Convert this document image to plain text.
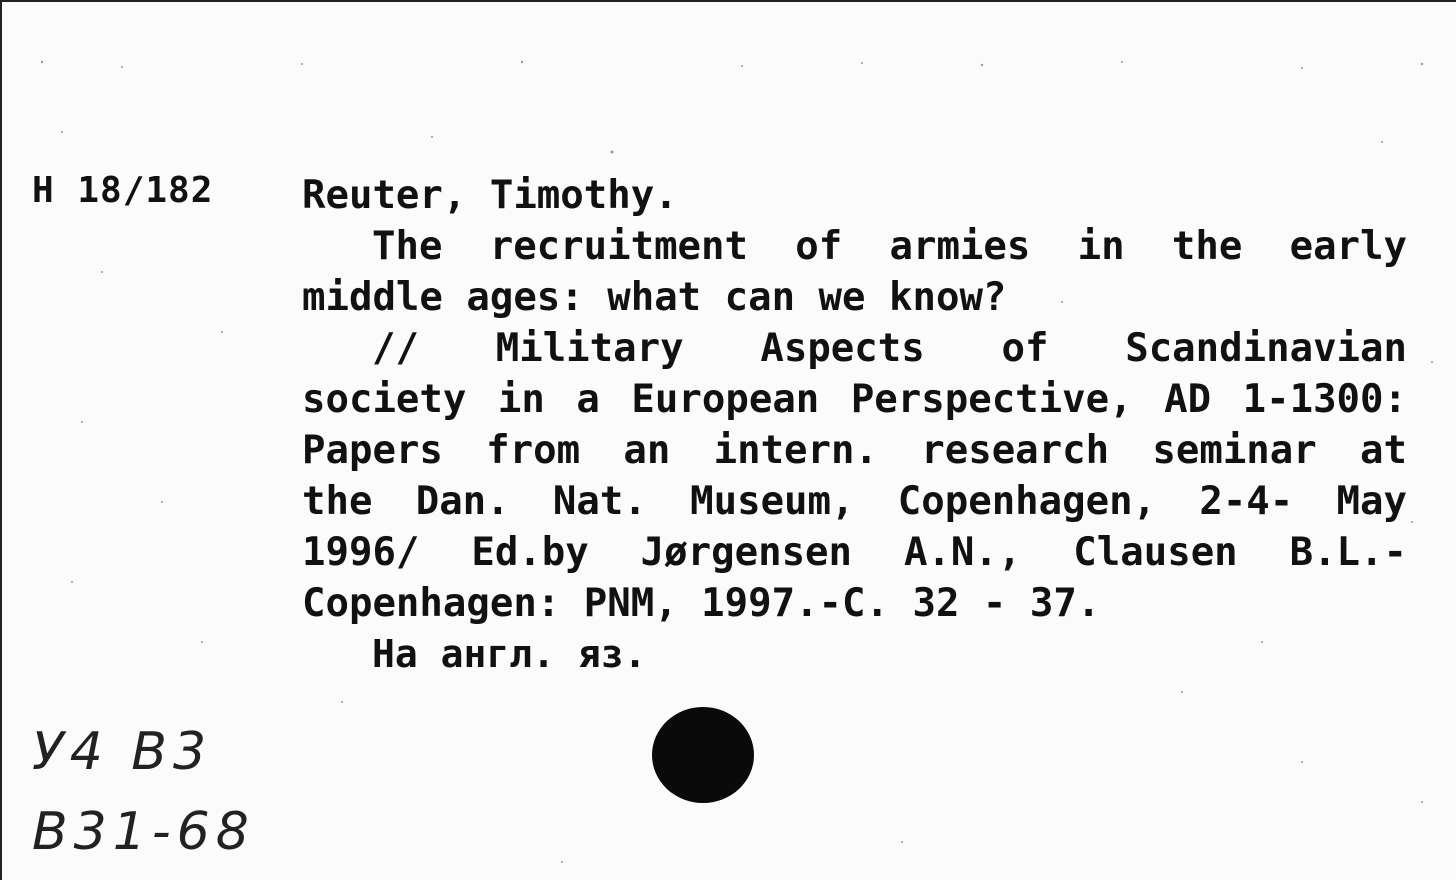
H 18/182 Reuter, Timothy.
The recruitment of armies in the early
middle ages: what can we know?
// Military Aspects of Scandinavian
society in a European Perspective, AD 1-1300:
Papers from an intern. research seminar at
the Dan. Nat. Museum, Copenhagen, 2-4- May
1996/ Ed.by Jørgensen A.N., Clausen B.L.-
Copenhagen: PNM, 1997.-C. 32 - 37.
На англ. яз.

У4 В3

В31-68
